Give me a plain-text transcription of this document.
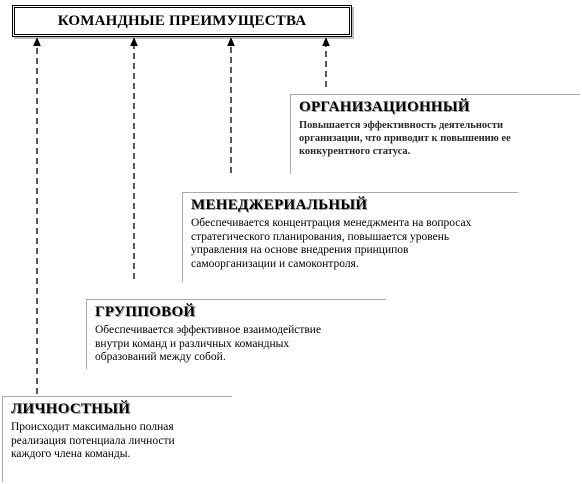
КОМАНДНЫЕ ПРЕИМУЩЕСТВА
ОРГАНИЗАЦИОННЫЙ
Повышается эффективность деятельности
организации, что приводит к повышению ее
конкурентного статуса.
МЕНЕДЖЕРИАЛЬНЫЙ
Обеспечивается концентрация менеджмента на вопросах
стратегического планирования, повышается уровень
управления на основе внедрения принципов
самоорганизации и самоконтроля.
ГРУППОВОЙ
Обеспечивается эффективное взаимодействие
внутри команд и различных командных
образований между собой.
ЛИЧНОСТНЫЙ
Происходит максимально полная
реализация потенциала личности
каждого члена команды.
